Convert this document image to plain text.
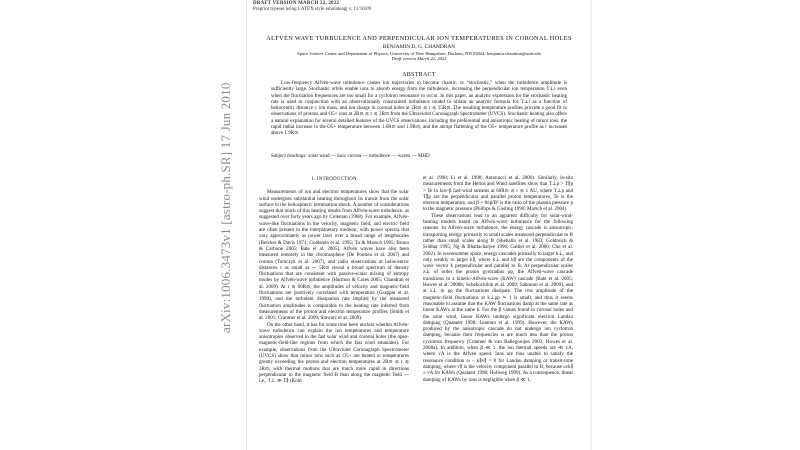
arXiv:1006.3473v1 [astro-ph.SR] 17 Jun 2010
DRAFT VERSION MARCH 22, 2022
Preprint typeset using LATEX style emulateapj v. 11/10/09
ALFVÉN WAVE TURBULENCE AND PERPENDICULAR ION TEMPERATURES IN CORONAL HOLES
BENJAMIN D. G. CHANDRAN
Space Science Center and Department of Physics, University of New Hampshire, Durham, NH 03824; benjamin.chandran@unh.edu
Draft version March 22, 2022
ABSTRACT
Low-frequency Alfvén-wave turbulence causes ion trajectories to become chaotic, or “stochastic,” when the turbulence amplitude is sufficiently large. Stochastic orbits enable ions to absorb energy from the turbulence, increasing the perpendicular ion temperature T⊥i even when the fluctuation frequencies are too small for a cyclotron resonance to occur. In this paper, an analytic expression for the stochastic heating rate is used in conjunction with an observationally constrained turbulence model to obtain an analytic formula for T⊥i as a function of heliocentric distance r, ion mass, and ion charge in coronal holes at 2R⊙ ≲ r ≲ 15R⊙. The resulting temperature profiles provide a good fit to observations of protons and O5+ ions at 2R⊙ ≲ r ≲ 3R⊙ from the Ultraviolet Coronagraph Spectrometer (UVCS). Stochastic heating also offers a natural explanation for several detailed features of the UVCS observations, including the preferential and anisotropic heating of minor ions, the rapid radial increase in the O5+ temperature between 1.6R⊙ and 1.9R⊙, and the abrupt flattening of the O5+ temperature profile as r increases above 1.9R⊙.
Subject headings: solar wind — Sun: corona — turbulence — waves — MHD
1. INTRODUCTION

Measurements of ion and electron temperatures show that the solar wind undergoes substantial heating throughout its transit from the solar surface to the heliospheric termination shock. A number of considerations suggest that much of this heating results from Alfvén-wave turbulence, as suggested over forty years ago by Coleman (1968). For example, Alfvén-wave-like fluctuations in the velocity, magnetic field, and electric field are often present in the interplanetary medium, with power spectra that vary approximately as power laws over a broad range of lengthscales (Belcher & Davis 1971; Goldstein et al. 1995; Tu & Marsch 1995; Bruno & Carbone 2005; Bale et al. 2005). Alfvén waves have also been measured remotely in the chromosphere (De Pontieu et al. 2007) and corona (Tomczyk et al. 2007), and radio observations at heliocentric distances r as small as ∼ 5R⊙ reveal a broad spectrum of density fluctuations that are consistent with passive-scalar mixing of entropy modes by Alfvén-wave turbulence (Harmon & Coles 2005; Chandran et al. 2009). At r ≳ 60R⊙, the amplitudes of velocity and magnetic-field fluctuations are positively correlated with temperature (Grappin et al. 1990), and the turbulent dissipation rate implied by the measured fluctuation amplitudes is comparable to the heating rate inferred from measurements of the proton and electron temperature profiles (Smith et al. 2001; Cranmer et al. 2009; Stawarz et al. 2009).

On the other hand, it has for some time been unclear whether Alfvén-wave turbulence can explain the ion temperatures and temperature anisotropies observed in the fast solar wind and coronal holes (the open-magnetic-field-line regions from which the fast wind emanates). For example, observations from the Ultraviolet Coronagraph Spectrometer (UVCS) show that minor ions such as O5+ are heated to temperatures greatly exceeding the proton and electron temperatures at 2R⊙ ≲ r ≲ 3R⊙, with thermal motions that are much more rapid in directions perpendicular to the magnetic field B than along the magnetic field — i.e., T⊥ ≫ T∥ (Kohl

et al. 1998; Li et al. 1998; Antonucci et al. 2000). Similarly, in-situ measurements from the Helios and Wind satellites show that T⊥p > T∥p > Te in low-β fast-wind streams at 60R⊙ ≲ r ≲ 1 AU, where T⊥p and T∥p are the perpendicular and parallel proton temperatures, Te is the electron temperature, and β = 8πp/B² is the ratio of the plasma pressure p to the magnetic pressure (Phillips & Gosling 1990; Marsch et al. 2004).

These observations lead to an apparent difficulty for solar-wind-heating models based on Alfvén-wave turbulence for the following reasons. In Alfvén-wave turbulence, the energy cascade is anisotropic, transporting energy primarily to small scales measured perpendicular to B rather than small scales along B (Shebalin et al. 1983; Goldreich & Sridhar 1995; Ng & Bhattacharjee 1996; Galtier et al. 2000; Cho et al. 2002). In wavenumber space, energy cascades primarily to larger k⊥, and only weakly to larger k∥, where k⊥ and k∥ are the components of the wave vector k perpendicular and parallel to B. At perpendicular scales λ⊥ of order the proton gyroradius ρp, the Alfvén-wave cascade transitions to a kinetic-Alfvén-wave (KAW) cascade (Bale et al. 2005; Howes et al. 2008b; Schekochihin et al. 2009; Sahraoui et al. 2009), and at λ⊥ ≲ ρp the fluctuations dissipate. The rms amplitude of the magnetic-field fluctuations at k⊥ρp ≃ 1 is small, and thus it seems reasonable to assume that the KAW fluctuations damp at the same rate as linear KAWs at the same k. For the β values found in coronal holes and the solar wind, linear KAWs undergo significant electron Landau damping (Quataert 1998; Leamon et al. 1999). However, the KAWs produced by the anisotropic cascade do not undergo ion cyclotron damping, because their frequencies ω are much less than the proton cyclotron frequency (Cranmer & van Ballegooijen 2003; Howes et al. 2008a). In addition, when β ≪ 1, the ion thermal speeds are ≪ vA, where vA is the Alfvén speed. Ions are thus unable to satisfy the resonance condition ω − k∥v∥ = 0 for Landau damping or transit-time damping, where v∥ is the velocity component parallel to B, because ω/k∥ ≥ vA for KAWs (Quataert 1998; Hollweg 1999). As a consequence, linear damping of KAWs by ions is negligible when β ≪ 1,
